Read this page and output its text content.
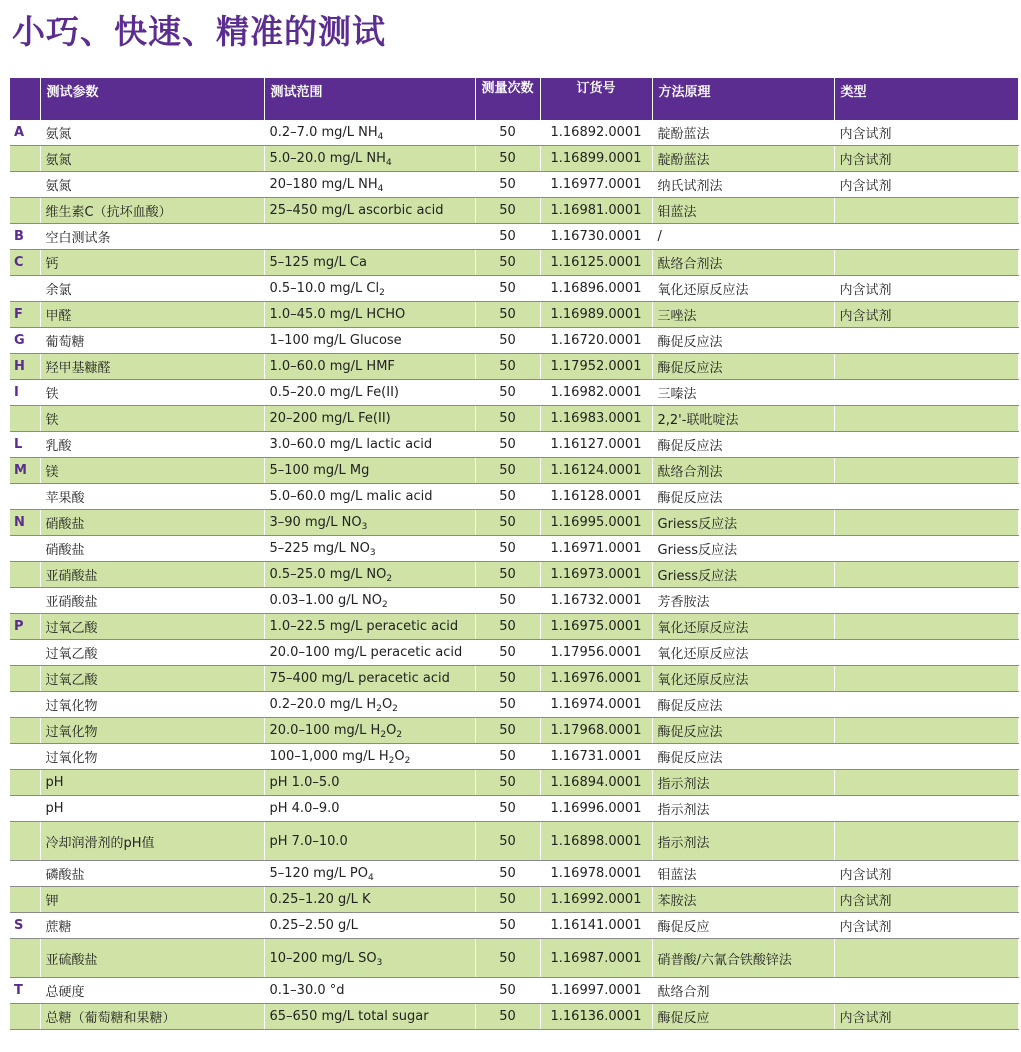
小巧、快速、精准的测试
	测试参数	测试范围	测量次数	订货号	方法原理	类型
A	氨氮	0.2–7.0 mg/L $NH_4$	50	1.16892.0001	靛酚蓝法	内含试剂
	氨氮	5.0–20.0 mg/L $NH_4$	50	1.16899.0001	靛酚蓝法	内含试剂
	氨氮	20–180 mg/L $NH_4$	50	1.16977.0001	纳氏试剂法	内含试剂
	维生素C（抗坏血酸）	25–450 mg/L ascorbic acid	50	1.16981.0001	钼蓝法	
B	空白测试条		50	1.16730.0001	/	
C	钙	5–125 mg/L Ca	50	1.16125.0001	酞络合剂法	
	余氯	0.5–10.0 mg/L $Cl_2$	50	1.16896.0001	氧化还原反应法	内含试剂
F	甲醛	1.0–45.0 mg/L HCHO	50	1.16989.0001	三唑法	内含试剂
G	葡萄糖	1–100 mg/L Glucose	50	1.16720.0001	酶促反应法	
H	羟甲基糠醛	1.0–60.0 mg/L HMF	50	1.17952.0001	酶促反应法	
I	铁	0.5–20.0 mg/L Fe(II)	50	1.16982.0001	三嗪法	
	铁	20–200 mg/L Fe(II)	50	1.16983.0001	2,2'-联吡啶法	
L	乳酸	3.0–60.0 mg/L lactic acid	50	1.16127.0001	酶促反应法	
M	镁	5–100 mg/L Mg	50	1.16124.0001	酞络合剂法	
	苹果酸	5.0–60.0 mg/L malic acid	50	1.16128.0001	酶促反应法	
N	硝酸盐	3–90 mg/L $NO_3$	50	1.16995.0001	Griess反应法	
	硝酸盐	5–225 mg/L $NO_3$	50	1.16971.0001	Griess反应法	
	亚硝酸盐	0.5–25.0 mg/L $NO_2$	50	1.16973.0001	Griess反应法	
	亚硝酸盐	0.03–1.00 g/L $NO_2$	50	1.16732.0001	芳香胺法	
P	过氧乙酸	1.0–22.5 mg/L peracetic acid	50	1.16975.0001	氧化还原反应法	
	过氧乙酸	20.0–100 mg/L peracetic acid	50	1.17956.0001	氧化还原反应法	
	过氧乙酸	75–400 mg/L peracetic acid	50	1.16976.0001	氧化还原反应法	
	过氧化物	0.2–20.0 mg/L $H_2O_2$	50	1.16974.0001	酶促反应法	
	过氧化物	20.0–100 mg/L $H_2O_2$	50	1.17968.0001	酶促反应法	
	过氧化物	100–1,000 mg/L $H_2O_2$	50	1.16731.0001	酶促反应法	
	pH	pH 1.0–5.0	50	1.16894.0001	指示剂法	
	pH	pH 4.0–9.0	50	1.16996.0001	指示剂法	
	冷却润滑剂的pH值	pH 7.0–10.0	50	1.16898.0001	指示剂法	
	磷酸盐	5–120 mg/L $PO_4$	50	1.16978.0001	钼蓝法	内含试剂
	钾	0.25–1.20 g/L K	50	1.16992.0001	苯胺法	内含试剂
S	蔗糖	0.25–2.50 g/L	50	1.16141.0001	酶促反应	内含试剂
	亚硫酸盐	10–200 mg/L $SO_3$	50	1.16987.0001	硝普酸/六氰合铁酸锌法	
T	总硬度	0.1–30.0 °d	50	1.16997.0001	酞络合剂	
	总糖（葡萄糖和果糖）	65–650 mg/L total sugar	50	1.16136.0001	酶促反应	内含试剂
